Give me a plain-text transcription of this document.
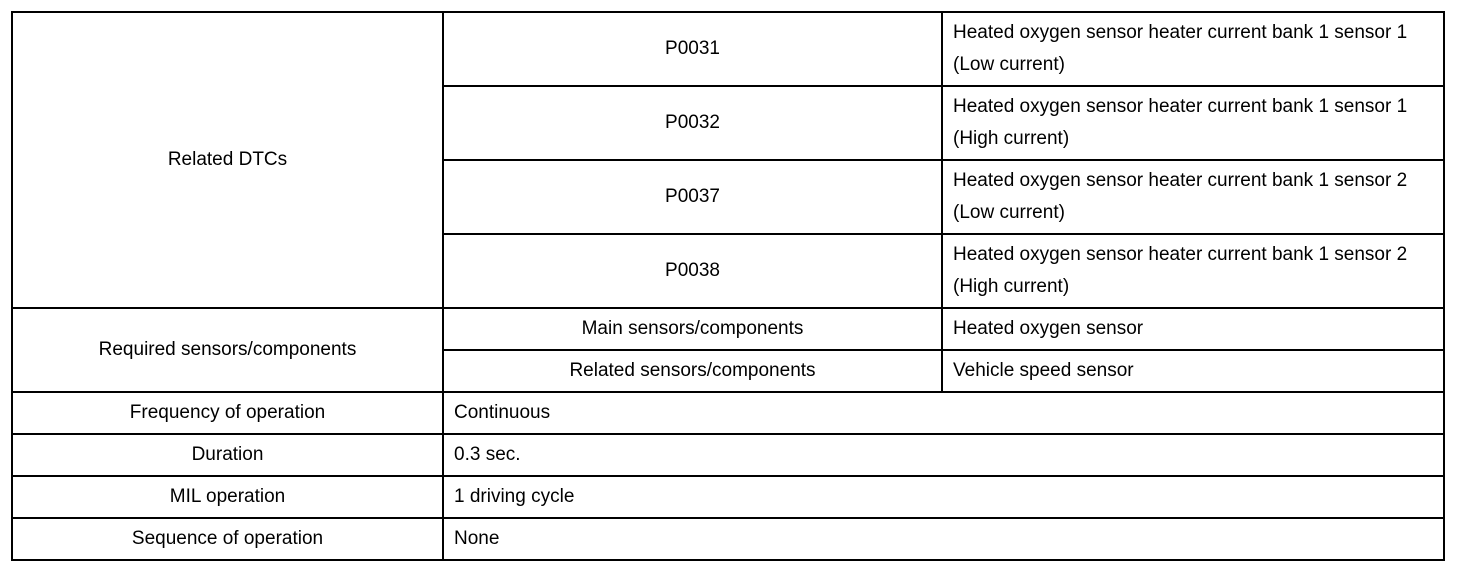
Related DTCs	P0031	Heated oxygen sensor heater current bank 1 sensor 1 (Low current)
	P0032	Heated oxygen sensor heater current bank 1 sensor 1 (High current)
	P0037	Heated oxygen sensor heater current bank 1 sensor 2 (Low current)
	P0038	Heated oxygen sensor heater current bank 1 sensor 2 (High current)
Required sensors/components	Main sensors/components	Heated oxygen sensor
	Related sensors/components	Vehicle speed sensor
Frequency of operation	Continuous	
Duration	0.3 sec.	
MIL operation	1 driving cycle	
Sequence of operation	None	
